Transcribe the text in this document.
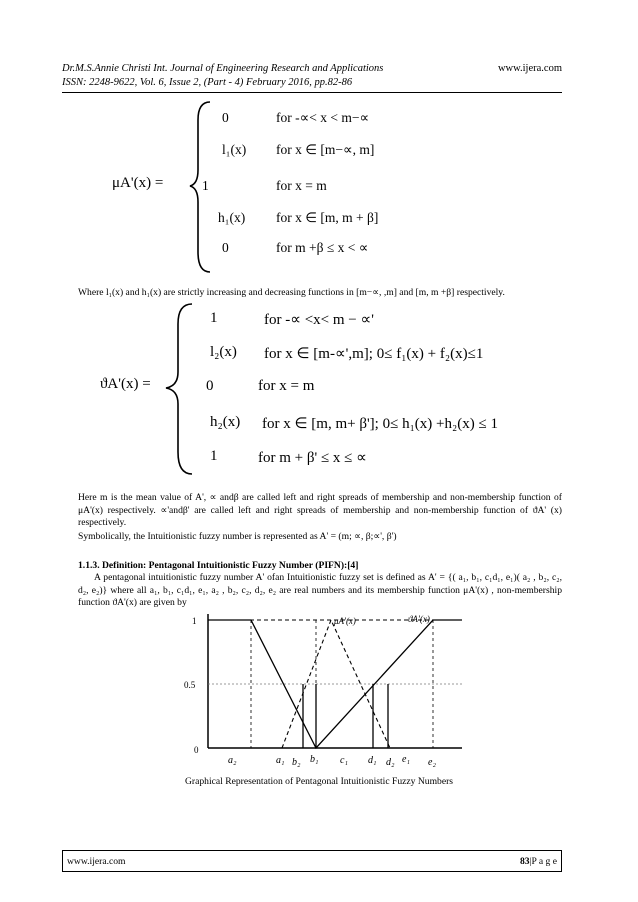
Dr.M.S.Annie Christi Int. Journal of Engineering Research and Applications	www.ijera.com
ISSN: 2248-9622, Vol. 6, Issue 2, (Part - 4) February 2016, pp.82-86
μA'(x) =
0	for -∝< x < m−∝
l₁(x) for x ∈ [m−∝, m]
1	for x = m
h₁(x) for x ∈ [m, m + β]
0	for m +β ≤ x < ∝
Where l₁(x) and h₁(x) are strictly increasing and decreasing functions in [m−∝, ,m] and [m, m +β] respectively.
ϑA'(x) =
1	for -∝ <x< m − ∝'
l₂(x) for x ∈ [m-∝',m]; 0≤ f₁(x) + f₂(x)≤1
0	for x = m
h₂(x) for x ∈ [m, m+ β']; 0≤ h₁(x) +h₂(x) ≤ 1
1	for m + β' ≤ x ≤ ∝
Here m is the mean value of A', ∝ andβ are called left and right spreads of membership and non-membership function of μA'(x) respectively. ∝'andβ' are called left and right spreads of membership and non-membership function of ϑA' (x) respectively.
Symbolically, the Intuitionistic fuzzy number is represented as A' = (m; ∝, β;∝', β')
1.1.3. Definition: Pentagonal Intuitionistic Fuzzy Number (PIFN):[4]
A pentagonal intuitionistic fuzzy number A' ofan Intuitionistic fuzzy set is defined as A' = {( a₁, b₁, c₁d₁, e₁)( a₂ , b₂, c₂, d₂, e₂)} where all a₁, b₁, c₁d₁, e₁, a₂ , b₂, c₂, d₂, e₂ are real numbers and its membership function μA'(x) , non-membership function ϑA'(x) are given by
1
0.5
0
a₂	a₁ b₂ b₁ c₁ d₁ d₂ e₁ e₂
μA'(x)	ϑA'(x)
Graphical Representation of Pentagonal Intuitionistic Fuzzy Numbers
www.ijera.com	83|P a g e
